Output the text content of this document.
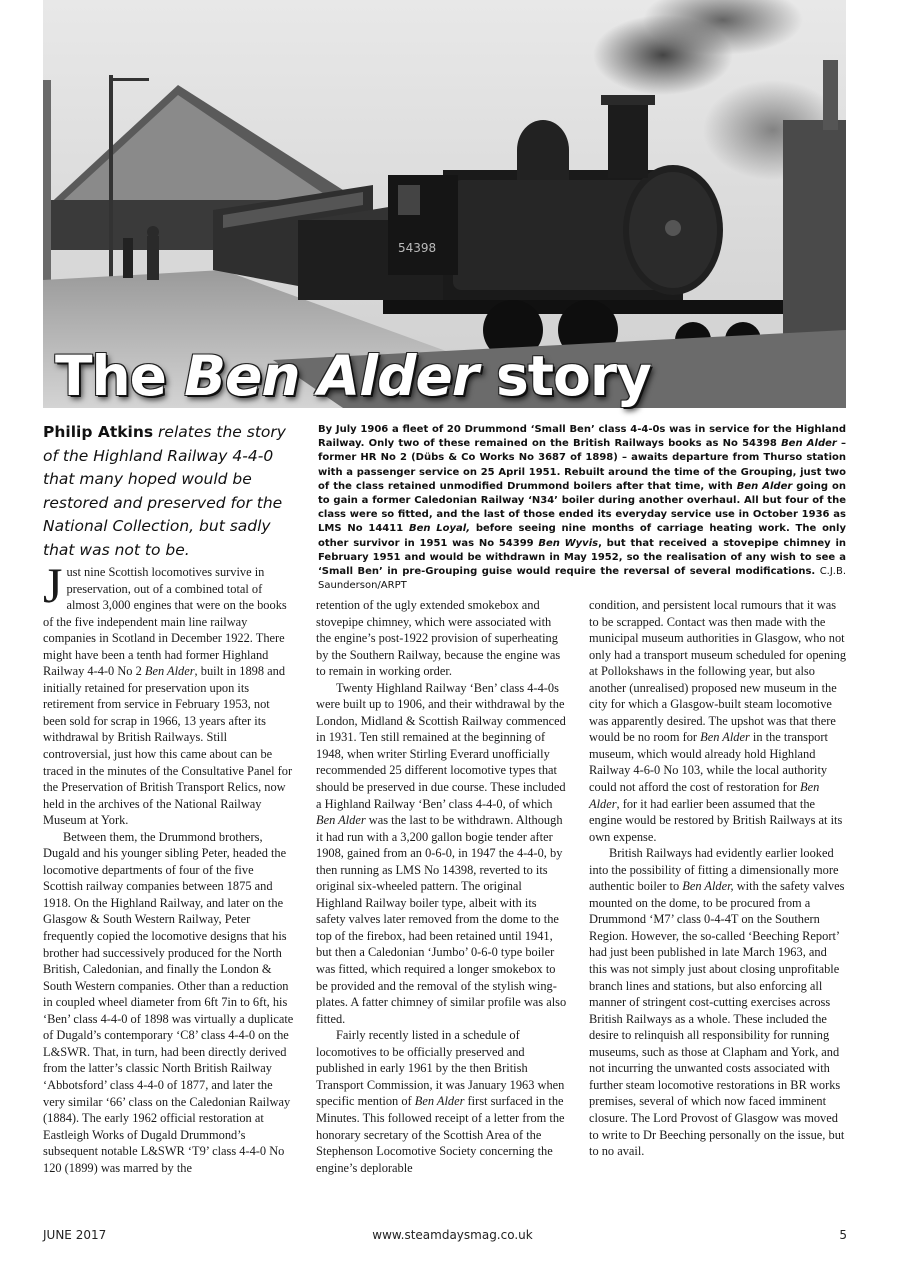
54398
The Ben Alder story
Philip Atkins relates the story of the Highland Railway 4-4-0 that many hoped would be restored and preserved for the National Collection, but sadly that was not to be.
By July 1906 a fleet of 20 Drummond ‘Small Ben’ class 4-4-0s was in service for the Highland Railway. Only two of these remained on the British Railways books as No 54398 Ben Alder – former HR No 2 (Dübs & Co Works No 3687 of 1898) – awaits departure from Thurso station with a passenger service on 25 April 1951. Rebuilt around the time of the Grouping, just two of the class retained unmodified Drummond boilers after that time, with Ben Alder going on to gain a former Caledonian Railway ‘N34’ boiler during another overhaul. All but four of the class were so fitted, and the last of those ended its everyday service use in October 1936 as LMS No 14411 Ben Loyal, before seeing nine months of carriage heating work. The only other survivor in 1951 was No 54399 Ben Wyvis, but that received a stovepipe chimney in February 1951 and would be withdrawn in May 1952, so the realisation of any wish to see a ‘Small Ben’ in pre-Grouping guise would require the reversal of several modifications. C.J.B. Saunderson/ARPT

Just nine Scottish locomotives survive in preservation, out of a combined total of almost 3,000 engines that were on the books of the five independent main line railway companies in Scotland in December 1922. There might have been a tenth had former Highland Railway 4-4-0 No 2 Ben Alder, built in 1898 and initially retained for preservation upon its retirement from service in February 1953, not been sold for scrap in 1966, 13 years after its withdrawal by British Railways. Still controversial, just how this came about can be traced in the minutes of the Consultative Panel for the Preservation of British Transport Relics, now held in the archives of the National Railway Museum at York.

Between them, the Drummond brothers, Dugald and his younger sibling Peter, headed the locomotive departments of four of the five Scottish railway companies between 1875 and 1918. On the Highland Railway, and later on the Glasgow & South Western Railway, Peter frequently copied the locomotive designs that his brother had successively produced for the North British, Caledonian, and finally the London & South Western companies. Other than a reduction in coupled wheel diameter from 6ft 7in to 6ft, his ‘Ben’ class 4-4-0 of 1898 was virtually a duplicate of Dugald’s contemporary ‘C8’ class 4-4-0 on the L&SWR. That, in turn, had been directly derived from the latter’s classic North British Railway ‘Abbotsford’ class 4-4-0 of 1877, and later the very similar ‘66’ class on the Caledonian Railway (1884). The early 1962 official restoration at Eastleigh Works of Dugald Drummond’s subsequent notable L&SWR ‘T9’ class 4-4-0 No 120 (1899) was marred by the

retention of the ugly extended smokebox and stovepipe chimney, which were associated with the engine’s post-1922 provision of superheating by the Southern Railway, because the engine was to remain in working order.

Twenty Highland Railway ‘Ben’ class 4-4-0s were built up to 1906, and their withdrawal by the London, Midland & Scottish Railway commenced in 1931. Ten still remained at the beginning of 1948, when writer Stirling Everard unofficially recommended 25 different locomotive types that should be preserved in due course. These included a Highland Railway ‘Ben’ class 4-4-0, of which Ben Alder was the last to be withdrawn. Although it had run with a 3,200 gallon bogie tender after 1908, gained from an 0-6-0, in 1947 the 4-4-0, by then running as LMS No 14398, reverted to its original six-wheeled pattern. The original Highland Railway boiler type, albeit with its safety valves later removed from the dome to the top of the firebox, had been retained until 1941, but then a Caledonian ‘Jumbo’ 0-6-0 type boiler was fitted, which required a longer smokebox to be provided and the removal of the stylish wing-plates. A fatter chimney of similar profile was also fitted.

Fairly recently listed in a schedule of locomotives to be officially preserved and published in early 1961 by the then British Transport Commission, it was January 1963 when specific mention of Ben Alder first surfaced in the Minutes. This followed receipt of a letter from the honorary secretary of the Scottish Area of the Stephenson Locomotive Society concerning the engine’s deplorable

condition, and persistent local rumours that it was to be scrapped. Contact was then made with the municipal museum authorities in Glasgow, who not only had a transport museum scheduled for opening at Pollokshaws in the following year, but also another (unrealised) proposed new museum in the city for which a Glasgow-built steam locomotive was apparently desired. The upshot was that there would be no room for Ben Alder in the transport museum, which would already hold Highland Railway 4-6-0 No 103, while the local authority could not afford the cost of restoration for Ben Alder, for it had earlier been assumed that the engine would be restored by British Railways at its own expense.

British Railways had evidently earlier looked into the possibility of fitting a dimensionally more authentic boiler to Ben Alder, with the safety valves mounted on the dome, to be procured from a Drummond ‘M7’ class 0-4-4T on the Southern Region. However, the so-called ‘Beeching Report’ had just been published in late March 1963, and this was not simply just about closing unprofitable branch lines and stations, but also enforcing all manner of stringent cost-cutting exercises across British Railways as a whole. These included the desire to relinquish all responsibility for running museums, such as those at Clapham and York, and not incurring the unwanted costs associated with further steam locomotive restorations in BR works premises, several of which now faced imminent closure. The Lord Provost of Glasgow was moved to write to Dr Beeching personally on the issue, but to no avail.

JUNE 2017	www.steamdaysmag.co.uk	5
